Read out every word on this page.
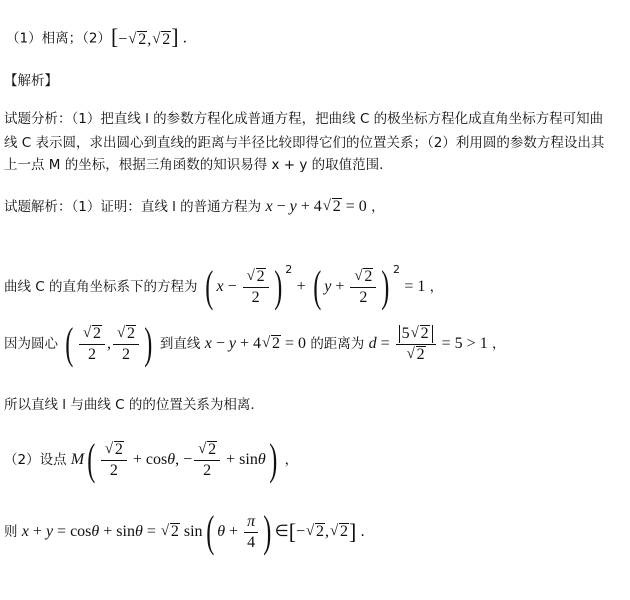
（1）相离；（2）[− √ 2, √ 2] .
【解析】
试题分析：（1）把直线 l 的参数方程化成普通方程，把曲线 C 的极坐标方程化成直角坐标方程可知曲
线 C 表示圆，求出圆心到直线的距离与半径比较即得它们的位置关系；（2）利用圆的参数方程设出其
上一点 M 的坐标，根据三角函数的知识易得 x + y 的取值范围.
试题解析：（1）证明：直线 l 的普通方程为 x − y + 4 √ 2 = 0 ，
曲线 C 的直角坐标系下的方程为 ( x − √ $\frac{2}{2}$ ) $^2$ + ( y + √ $\frac{2}{2}$ ) $^2$ = 1 ，
因为圆心 ( √ $\frac{2}{2}$ , √ $\frac{2}{2}$ ) 到直线 x − y + 4 √ 2 = 0 的距离为 d = 5 √ 2
√ 2 = 5 > 1 ，
所以直线 l 与曲线 C 的的位置关系为相离.
（2）设点 M( √ $\frac{2}{2} + \cos\theta$, − √ $\frac{2}{2} + \sin\theta$) ，
则 x + y = cosθ + sinθ = √ 2 sin( $\theta + \frac{\pi}{4}$ ) ∈[− √ 2, √ 2] .
